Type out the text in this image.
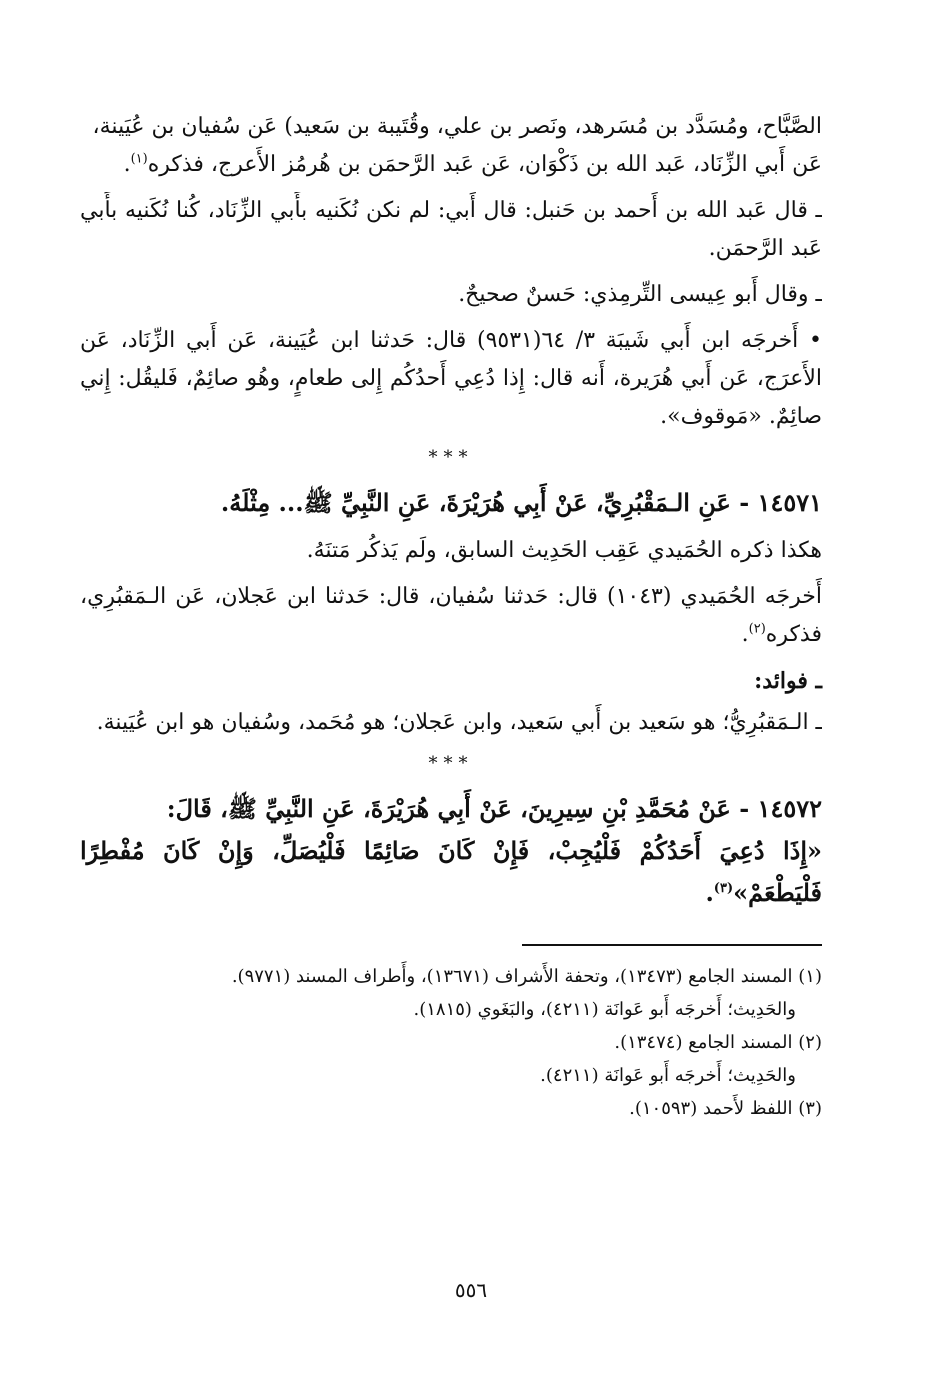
الصَّبَّاح، ومُسَدَّد بن مُسَرهد، ونَصر بن علي، وقُتَيبة بن سَعيد) عَن سُفيان بن عُيَينة،

عَن أَبي الزِّنَاد، عَبد الله بن ذَكْوَان، عَن عَبد الرَّحمَن بن هُرمُز الأَعرج، فذكره$^{(١)}$.

ـ قال عَبد الله بن أَحمد بن حَنبل: قال أَبي: لم نكن نُكَنيه بأَبي الزِّنَاد، كُنا نُكَنيه بأَبي عَبد الرَّحمَن.

ـ وقال أَبو عِيسى التِّرمِذي: حَسنٌ صحيحٌ.

• أَخرجَه ابن أَبي شَيبَة ٣/ ٦٤(٩٥٣١) قال: حَدثنا ابن عُيَينة، عَن أَبي الزِّنَاد، عَن الأَعرَج، عَن أَبي هُرَيرة، أَنه قال: إِذا دُعِي أَحدُكُم إِلى طعامٍ، وهُو صائِمٌ، فَليقُل: إِني صائِمٌ. «مَوقوف».

***

١٤٥٧١ - عَنِ الـمَقْبُرِيِّ، عَنْ أَبِي هُرَيْرَةَ، عَنِ النَّبِيِّ ﷺ... مِثْلَهُ.

هكذا ذكره الحُمَيدي عَقِب الحَدِيث السابق، ولَم يَذكُر مَتنَهُ.

أَخرجَه الحُمَيدي (١٠٤٣) قال: حَدثنا سُفيان، قال: حَدثنا ابن عَجلان، عَن الـمَقبُرِي، فذكره$^{(٢)}$.

ـ فوائد:

ـ الـمَقبُرِيُّ؛ هو سَعيد بن أَبي سَعيد، وابن عَجلان؛ هو مُحَمد، وسُفيان هو ابن عُيَينة.

***

١٤٥٧٢ - عَنْ مُحَمَّدِ بْنِ سِيرِينَ، عَنْ أَبِي هُرَيْرَةَ، عَنِ النَّبِيِّ ﷺ، قَالَ:

«إِذَا دُعِيَ أَحَدُكُمْ فَلْيُجِبْ، فَإِنْ كَانَ صَائِمًا فَلْيُصَلِّ، وَإِنْ كَانَ مُفْطِرًا فَلْيَطْعَمْ»$^{(٣)}$.

(١) المسند الجامع (١٣٤٧٣)، وتحفة الأَشراف (١٣٦٧١)، وأَطراف المسند (٩٧٧١).

والحَدِيث؛ أَخرجَه أَبو عَوانَة (٤٢١١)، والبَغَوي (١٨١٥).

(٢) المسند الجامع (١٣٤٧٤).

والحَدِيث؛ أَخرجَه أَبو عَوانَة (٤٢١١).

(٣) اللفظ لأَحمد (١٠٥٩٣).

٥٥٦
